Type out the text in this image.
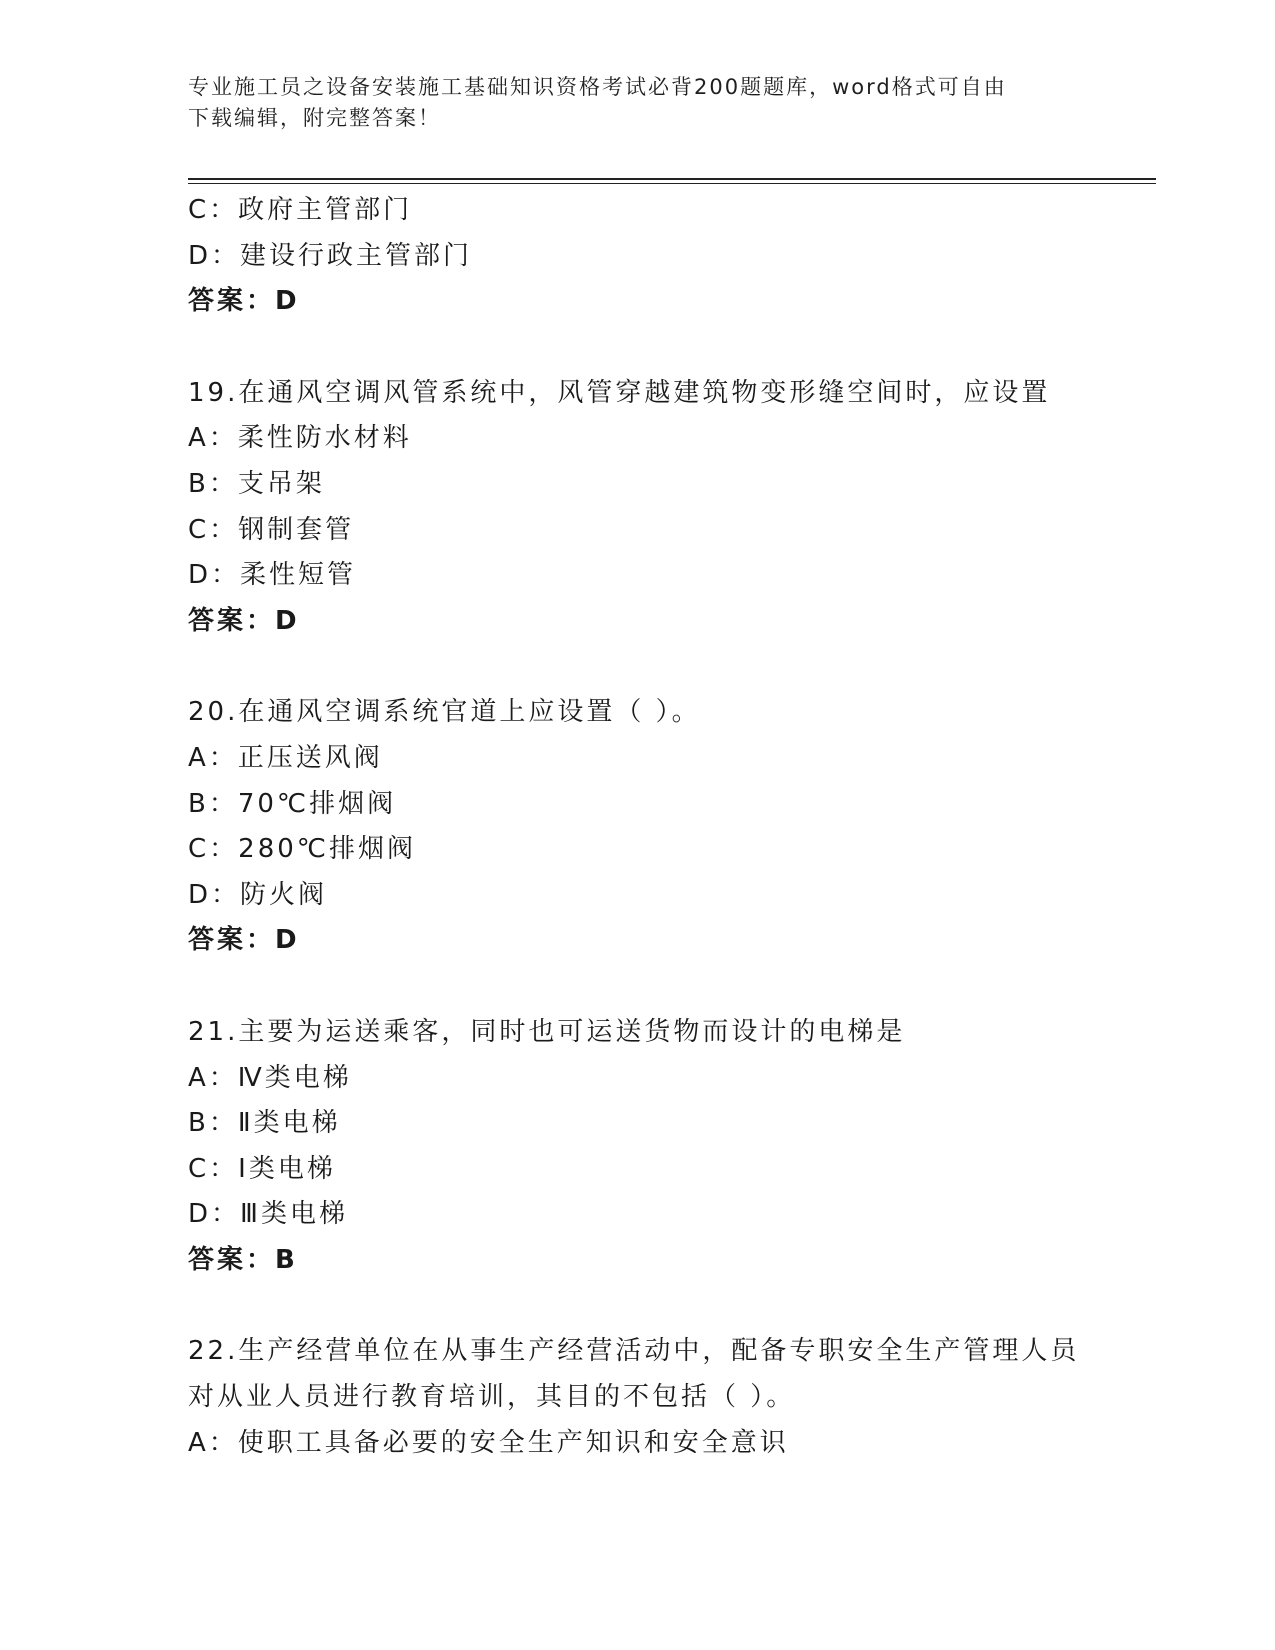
专业施工员之设备安装施工基础知识资格考试必背200题题库，word格式可自由
下载编辑，附完整答案！
C：政府主管部门
D：建设行政主管部门
答案：D
19.在通风空调风管系统中，风管穿越建筑物变形缝空间时，应设置
A：柔性防水材料
B：支吊架
C：钢制套管
D：柔性短管
答案：D
20.在通风空调系统官道上应设置（ ）。
A：正压送风阀
B：70℃排烟阀
C：280℃排烟阀
D：防火阀
答案：D
21.主要为运送乘客，同时也可运送货物而设计的电梯是
A：Ⅳ类电梯
B：Ⅱ类电梯
C：Ⅰ类电梯
D：Ⅲ类电梯
答案：B
22.生产经营单位在从事生产经营活动中，配备专职安全生产管理人员
对从业人员进行教育培训，其目的不包括（ ）。
A：使职工具备必要的安全生产知识和安全意识
